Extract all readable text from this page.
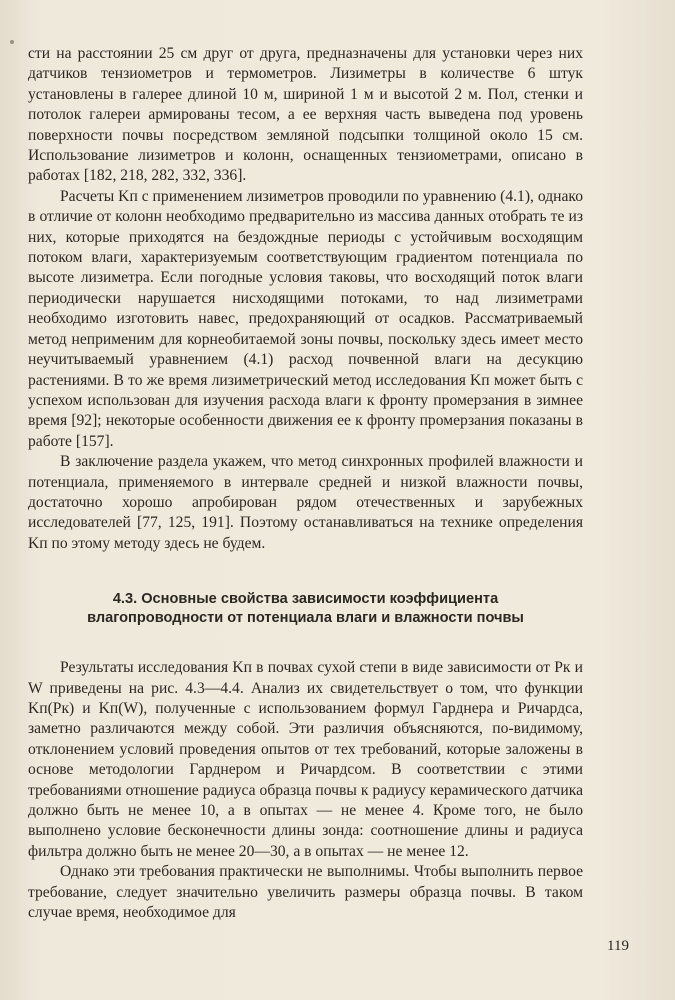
сти на расстоянии 25 см друг от друга, предназначены для установки через них датчиков тензиометров и термометров. Лизиметры в количестве 6 штук установлены в галерее длиной 10 м, шириной 1 м и высотой 2 м. Пол, стенки и потолок галереи армированы тесом, а ее верхняя часть выведена под уровень поверхности почвы посредством земляной подсыпки толщиной около 15 см. Использование лизиметров и колонн, оснащенных тензиометрами, описано в работах [182, 218, 282, 332, 336].

Расчеты Kп с применением лизиметров проводили по уравнению (4.1), однако в отличие от колонн необходимо предварительно из массива данных отобрать те из них, которые приходятся на бездождные периоды с устойчивым восходящим потоком влаги, характеризуемым соответствующим градиентом потенциала по высоте лизиметра. Если погодные условия таковы, что восходящий поток влаги периодически нарушается нисходящими потоками, то над лизиметрами необходимо изготовить навес, предохраняющий от осадков. Рассматриваемый метод неприменим для корнеобитаемой зоны почвы, поскольку здесь имеет место неучитываемый уравнением (4.1) расход почвенной влаги на десукцию растениями. В то же время лизиметрический метод исследования Kп может быть с успехом использован для изучения расхода влаги к фронту промерзания в зимнее время [92]; некоторые особенности движения ее к фронту промерзания показаны в работе [157].

В заключение раздела укажем, что метод синхронных профилей влажности и потенциала, применяемого в интервале средней и низкой влажности почвы, достаточно хорошо апробирован рядом отечественных и зарубежных исследователей [77, 125, 191]. Поэтому останавливаться на технике определения Kп по этому методу здесь не будем.

4.3. Основные свойства зависимости коэффициента
влагопроводности от потенциала влаги и влажности почвы

Результаты исследования Kп в почвах сухой степи в виде зависимости от Pк и W приведены на рис. 4.3—4.4. Анализ их свидетельствует о том, что функции Kп(Pк) и Kп(W), полученные с использованием формул Гарднера и Ричардса, заметно различаются между собой. Эти различия объясняются, по-видимому, отклонением условий проведения опытов от тех требований, которые заложены в основе методологии Гарднером и Ричардсом. В соответствии с этими требованиями отношение радиуса образца почвы к радиусу керамического датчика должно быть не менее 10, а в опытах — не менее 4. Кроме того, не было выполнено условие бесконечности длины зонда: соотношение длины и радиуса фильтра должно быть не менее 20—30, а в опытах — не менее 12.

Однако эти требования практически не выполнимы. Чтобы выполнить первое требование, следует значительно увеличить размеры образца почвы. В таком случае время, необходимое для

119
